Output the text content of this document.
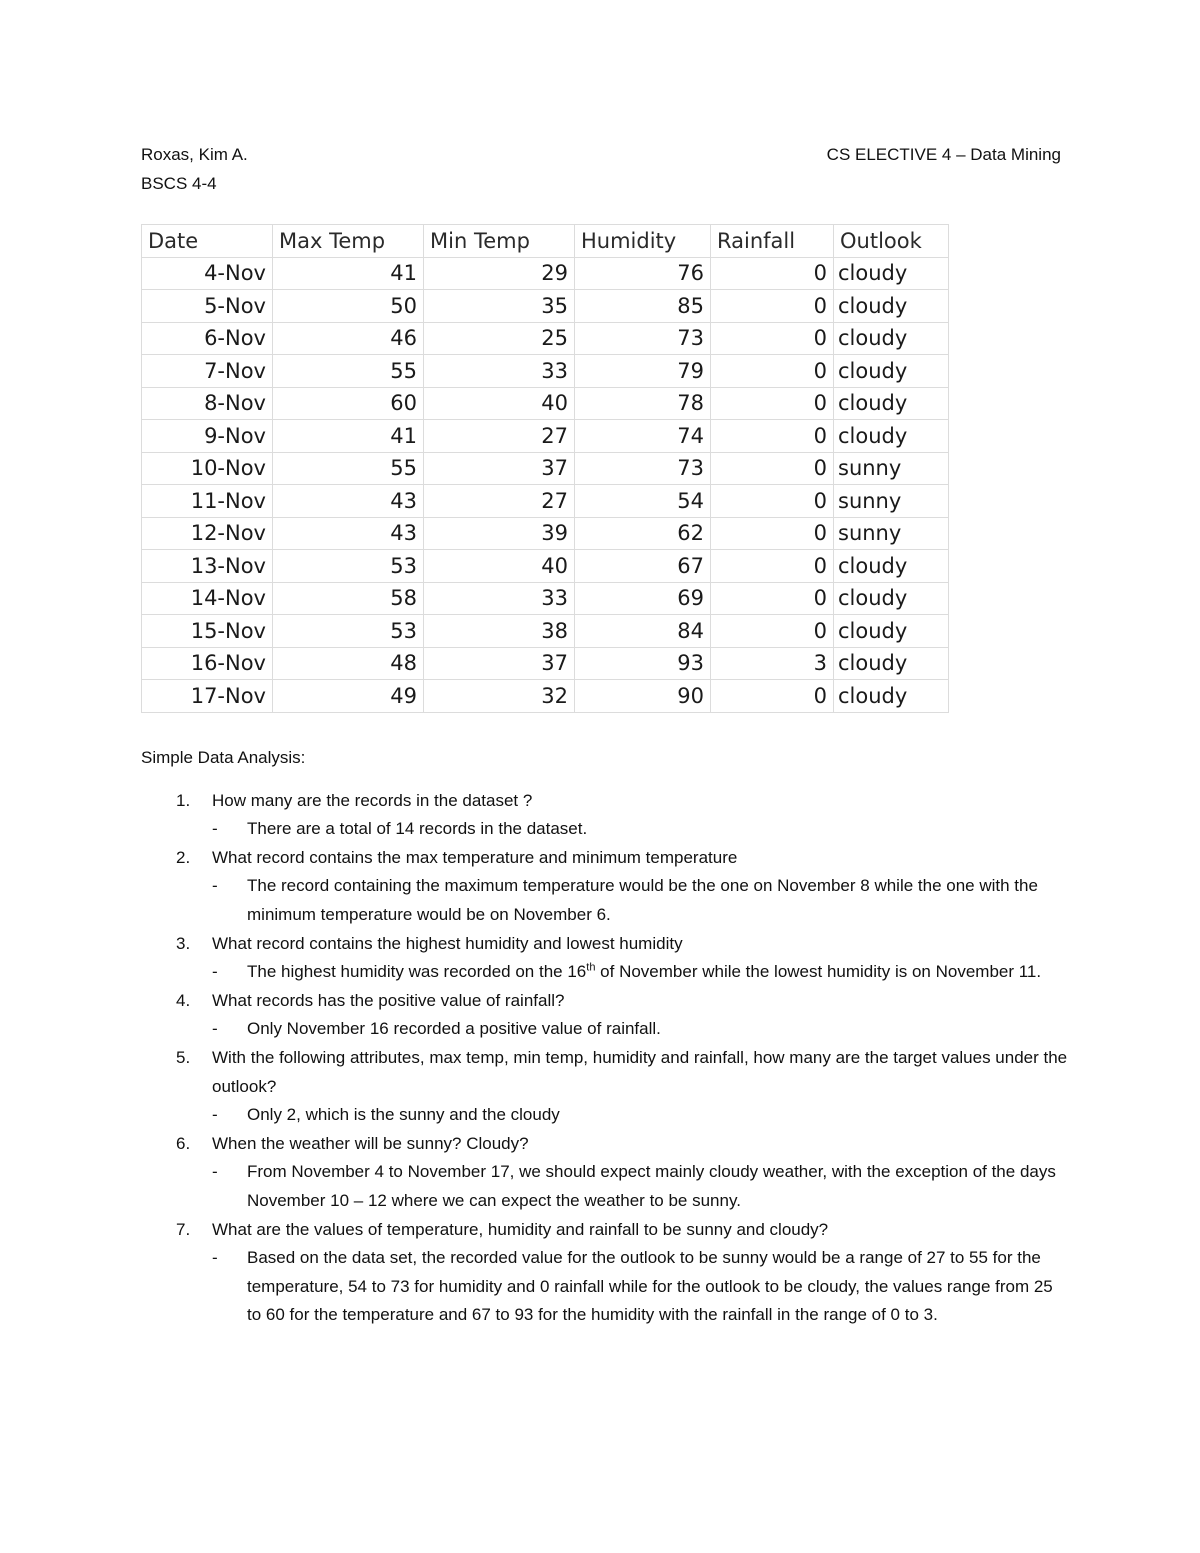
Roxas, Kim A.	CS ELECTIVE 4 – Data Mining
BSCS 4-4
Date	Max Temp	Min Temp	Humidity	Rainfall	Outlook
4-Nov	41	29	76	0	cloudy
5-Nov	50	35	85	0	cloudy
6-Nov	46	25	73	0	cloudy
7-Nov	55	33	79	0	cloudy
8-Nov	60	40	78	0	cloudy
9-Nov	41	27	74	0	cloudy
10-Nov	55	37	73	0	sunny
11-Nov	43	27	54	0	sunny
12-Nov	43	39	62	0	sunny
13-Nov	53	40	67	0	cloudy
14-Nov	58	33	69	0	cloudy
15-Nov	53	38	84	0	cloudy
16-Nov	48	37	93	3	cloudy
17-Nov	49	32	90	0	cloudy
Simple Data Analysis:
1. How many are the records in the dataset ?
- There are a total of 14 records in the dataset.
2. What record contains the max temperature and minimum temperature
- The record containing the maximum temperature would be the one on November 8 while the one with the minimum temperature would be on November 6.
3. What record contains the highest humidity and lowest humidity
- The highest humidity was recorded on the 16th of November while the lowest humidity is on November 11.
4. What records has the positive value of rainfall?
- Only November 16 recorded a positive value of rainfall.
5. With the following attributes, max temp, min temp, humidity and rainfall, how many are the target values under the outlook?
- Only 2, which is the sunny and the cloudy
6. When the weather will be sunny? Cloudy?
- From November 4 to November 17, we should expect mainly cloudy weather, with the exception of the days November 10 – 12 where we can expect the weather to be sunny.
7. What are the values of temperature, humidity and rainfall to be sunny and cloudy?
- Based on the data set, the recorded value for the outlook to be sunny would be a range of 27 to 55 for the temperature, 54 to 73 for humidity and 0 rainfall while for the outlook to be cloudy, the values range from 25 to 60 for the temperature and 67 to 93 for the humidity with the rainfall in the range of 0 to 3.
